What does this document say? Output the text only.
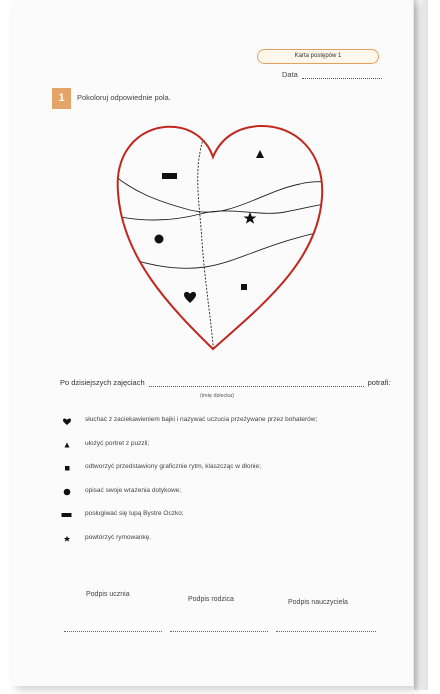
Karta postępów 1
Data
1	Pokoloruj odpowiednie pola.
Po dzisiejszych zajęciach	potrafi:
(imię dziecka)
słuchać z zaciekawieniem bajki i nazywać uczucia przeżywane przez bohaterów;
ułożyć portret z puzzli;
odtworzyć przedstawiony graficznie rytm, klaszcząc w dłonie;
opisać swoje wrażenia dotykowe;
posługiwać się lupą Bystre Oczko;
powtórzyć rymowankę.
Podpis ucznia
Podpis rodzica	Podpis nauczyciela
